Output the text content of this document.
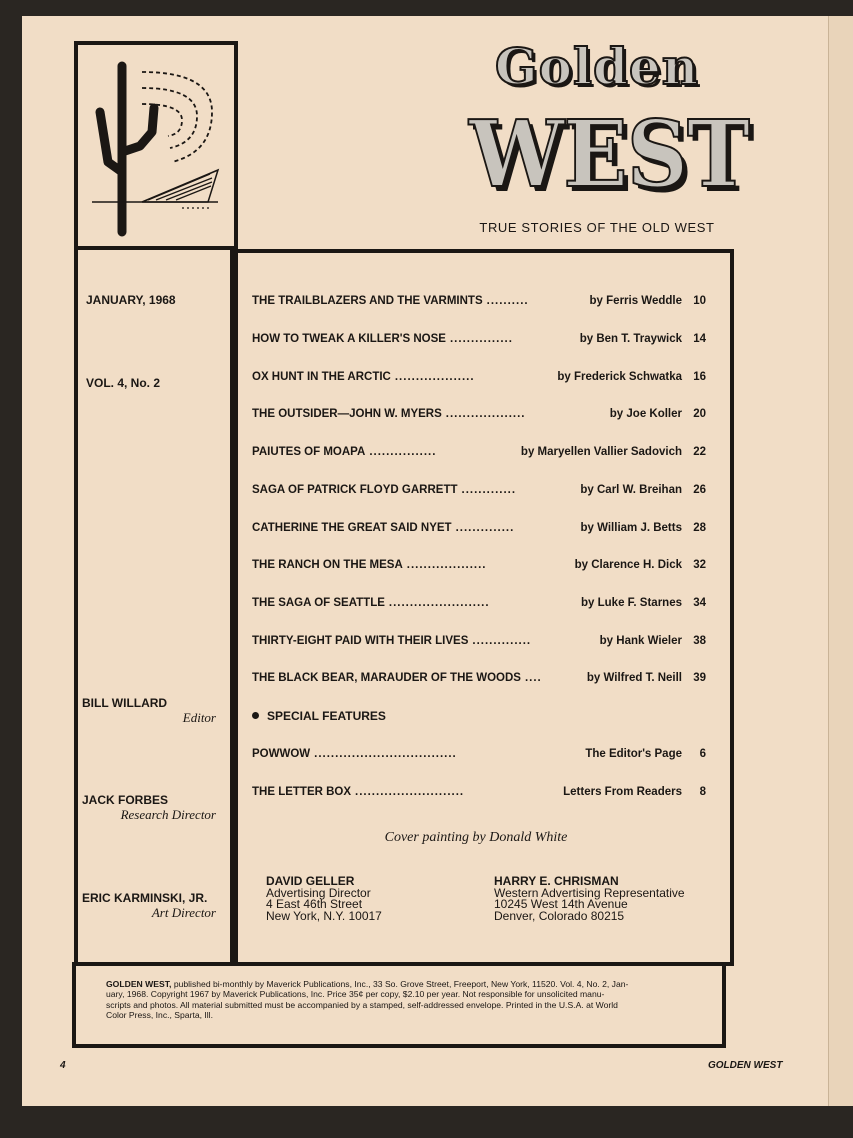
Golden
WEST
TRUE STORIES OF THE OLD WEST
JANUARY, 1968
VOL. 4, No. 2
BILL WILLARD
Editor
JACK FORBES
Research Director
ERIC KARMINSKI, JR.
Art Director
THE TRAILBLAZERS AND THE VARMINTS ..........	by Ferris Weddle 10
HOW TO TWEAK A KILLER'S NOSE ...............	by Ben T. Traywick 14
OX HUNT IN THE ARCTIC ...................	by Frederick Schwatka 16
THE OUTSIDER—JOHN W. MYERS ...................	by Joe Koller 20
PAIUTES OF MOAPA ................	by Maryellen Vallier Sadovich 22
SAGA OF PATRICK FLOYD GARRETT .............	by Carl W. Breihan 26
CATHERINE THE GREAT SAID NYET ..............	by William J. Betts 28
THE RANCH ON THE MESA ...................	by Clarence H. Dick 32
THE SAGA OF SEATTLE ........................	by Luke F. Starnes 34
THIRTY-EIGHT PAID WITH THEIR LIVES ..............	by Hank Wieler 38
THE BLACK BEAR, MARAUDER OF THE WOODS ....	by Wilfred T. Neill 39
SPECIAL FEATURES
POWWOW ..................................	The Editor's Page	6
THE LETTER BOX ..........................	Letters From Readers	8
Cover painting by Donald White
DAVID GELLER
Advertising Director
4 East 46th Street
New York, N.Y. 10017
HARRY E. CHRISMAN
Western Advertising Representative
10245 West 14th Avenue
Denver, Colorado 80215
GOLDEN WEST, published bi-monthly by Maverick Publications, Inc., 33 So. Grove Street, Freeport, New York, 11520. Vol. 4, No. 2, Jan-
uary, 1968. Copyright 1967 by Maverick Publications, Inc. Price 35¢ per copy, $2.10 per year. Not responsible for unsolicited manu-
scripts and photos. All material submitted must be accompanied by a stamped, self-addressed envelope. Printed in the U.S.A. at World
Color Press, Inc., Sparta, Ill.
4	GOLDEN WEST
